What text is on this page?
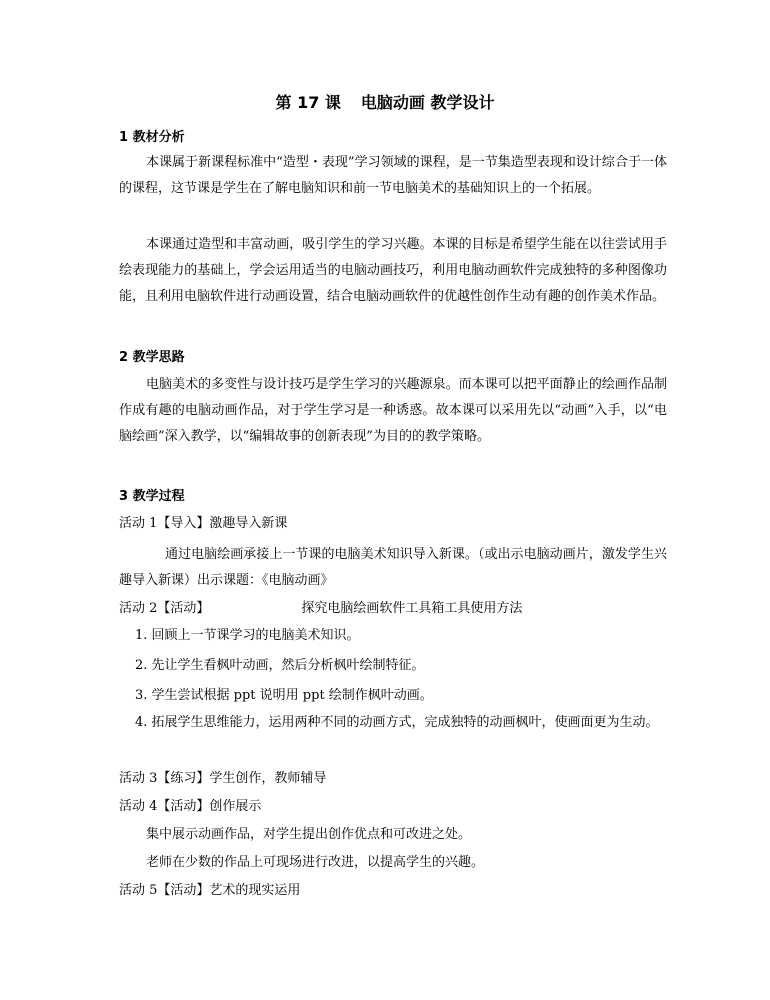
第 17 课 电脑动画 教学设计
1 教材分析
本课属于新课程标准中“造型・表现”学习领域的课程，是一节集造型表现和设计综合于一体的课程，这节课是学生在了解电脑知识和前一节电脑美术的基础知识上的一个拓展。
本课通过造型和丰富动画，吸引学生的学习兴趣。本课的目标是希望学生能在以往尝试用手绘表现能力的基础上，学会运用适当的电脑动画技巧，利用电脑动画软件完成独特的多种图像功能，且利用电脑软件进行动画设置，结合电脑动画软件的优越性创作生动有趣的创作美术作品。
2 教学思路
电脑美术的多变性与设计技巧是学生学习的兴趣源泉。而本课可以把平面静止的绘画作品制作成有趣的电脑动画作品，对于学生学习是一种诱惑。故本课可以采用先以“动画”入手，以“电脑绘画”深入教学，以“编辑故事的创新表现”为目的的教学策略。
3 教学过程
活动 1【导入】激趣导入新课
通过电脑绘画承接上一节课的电脑美术知识导入新课。（或出示电脑动画片，激发学生兴趣导入新课）出示课题：《电脑动画》
活动 2【活动】	探究电脑绘画软件工具箱工具使用方法
1. 回顾上一节课学习的电脑美术知识。
2. 先让学生看枫叶动画，然后分析枫叶绘制特征。
3. 学生尝试根据 ppt 说明用 ppt 绘制作枫叶动画。
4. 拓展学生思维能力，运用两种不同的动画方式，完成独特的动画枫叶，使画面更为生动。
活动 3【练习】学生创作，教师辅导
活动 4【活动】创作展示
集中展示动画作品，对学生提出创作优点和可改进之处。
老师在少数的作品上可现场进行改进，以提高学生的兴趣。
活动 5【活动】艺术的现实运用
